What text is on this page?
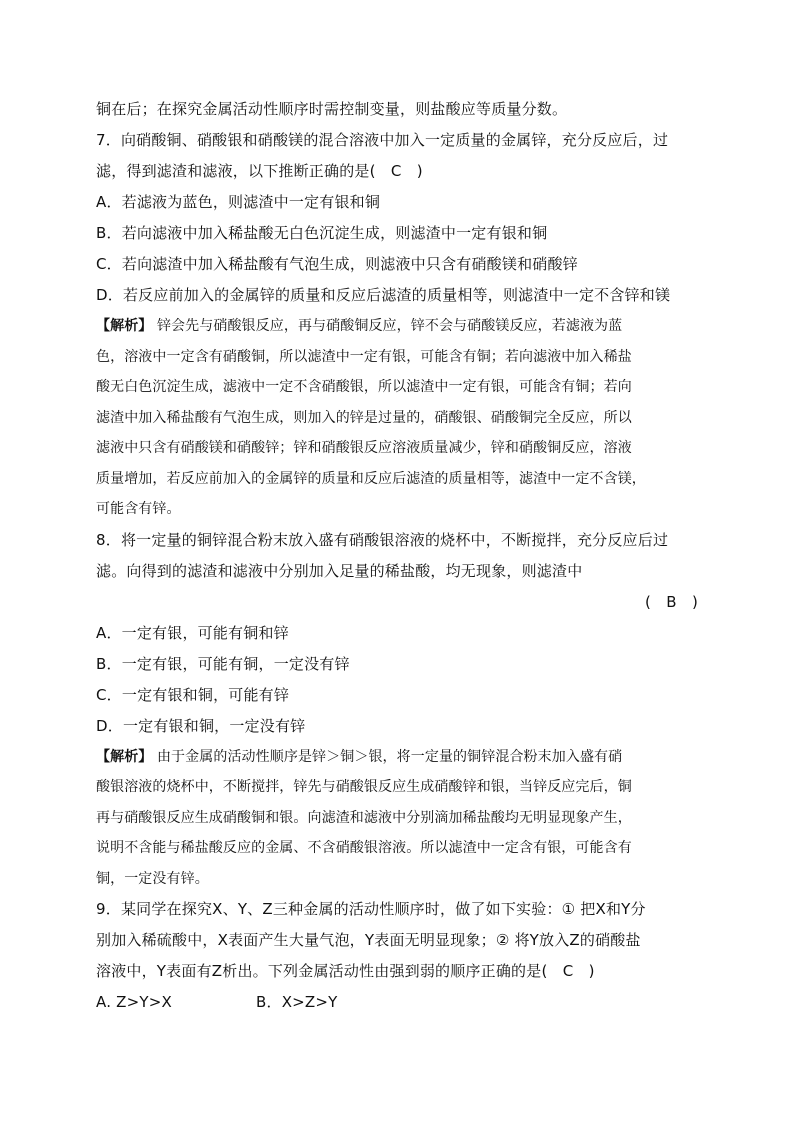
铜在后；在探究金属活动性顺序时需控制变量，则盐酸应等质量分数。
7．向硝酸铜、硝酸银和硝酸镁的混合溶液中加入一定质量的金属锌，充分反应后，过
滤，得到滤渣和滤液，以下推断正确的是(　C　)
A．若滤液为蓝色，则滤渣中一定有银和铜
B．若向滤液中加入稀盐酸无白色沉淀生成，则滤渣中一定有银和铜
C．若向滤渣中加入稀盐酸有气泡生成，则滤液中只含有硝酸镁和硝酸锌
D．若反应前加入的金属锌的质量和反应后滤渣的质量相等，则滤渣中一定不含锌和镁
【解析】 锌会先与硝酸银反应，再与硝酸铜反应，锌不会与硝酸镁反应，若滤液为蓝
色，溶液中一定含有硝酸铜，所以滤渣中一定有银，可能含有铜；若向滤液中加入稀盐
酸无白色沉淀生成，滤液中一定不含硝酸银，所以滤渣中一定有银，可能含有铜；若向
滤渣中加入稀盐酸有气泡生成，则加入的锌是过量的，硝酸银、硝酸铜完全反应，所以
滤液中只含有硝酸镁和硝酸锌；锌和硝酸银反应溶液质量减少，锌和硝酸铜反应，溶液
质量增加，若反应前加入的金属锌的质量和反应后滤渣的质量相等，滤渣中一定不含镁，
可能含有锌。
8．将一定量的铜锌混合粉末放入盛有硝酸银溶液的烧杯中，不断搅拌，充分反应后过
滤。向得到的滤渣和滤液中分别加入足量的稀盐酸，均无现象，则滤渣中
(　B　)
A．一定有银，可能有铜和锌
B．一定有银，可能有铜，一定没有锌
C．一定有银和铜，可能有锌
D．一定有银和铜，一定没有锌
【解析】 由于金属的活动性顺序是锌＞铜＞银，将一定量的铜锌混合粉末加入盛有硝
酸银溶液的烧杯中，不断搅拌，锌先与硝酸银反应生成硝酸锌和银，当锌反应完后，铜
再与硝酸银反应生成硝酸铜和银。向滤渣和滤液中分别滴加稀盐酸均无明显现象产生，
说明不含能与稀盐酸反应的金属、不含硝酸银溶液。所以滤渣中一定含有银，可能含有
铜，一定没有锌。
9．某同学在探究X、Y、Z三种金属的活动性顺序时，做了如下实验：① 把X和Y分
别加入稀硫酸中，X表面产生大量气泡，Y表面无明显现象；② 将Y放入Z的硝酸盐
溶液中，Y表面有Z析出。下列金属活动性由强到弱的顺序正确的是(　C　)
A. Z>Y>X	B．X>Z>Y
